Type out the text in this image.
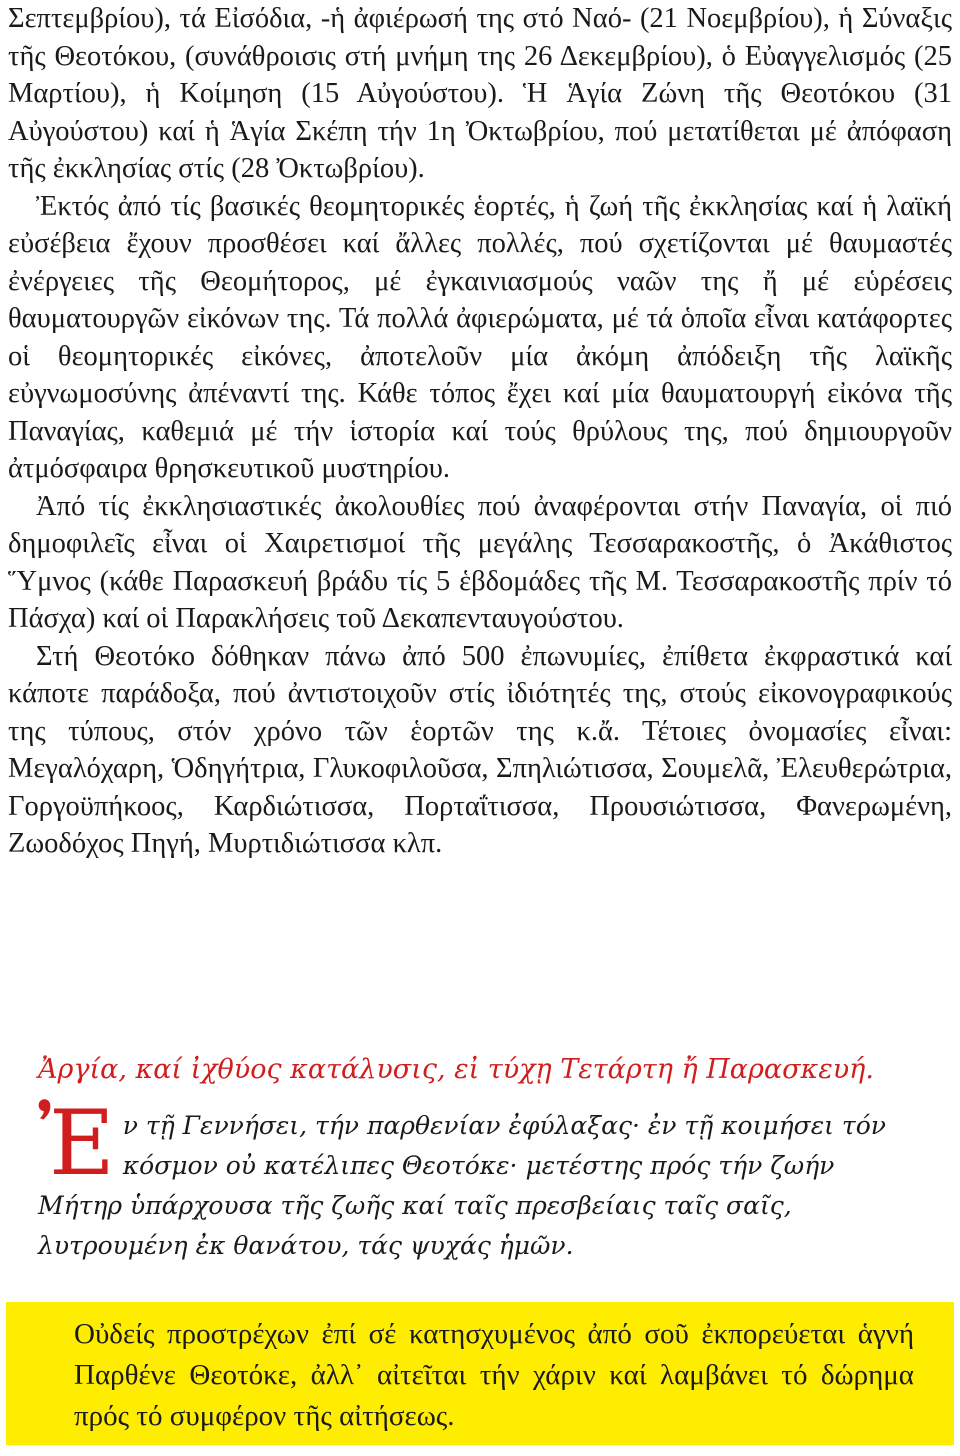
Σεπτεμβρίου), τά Εἰσόδια, -ἡ ἀφιέρωσή της στό Ναό- (21 Νοεμβρίου), ἡ Σύναξις τῆς Θεοτόκου, (συνάθροισις στή μνήμη της 26 Δεκεμβρίου), ὁ Εὐαγγελισμός (25 Μαρτίου), ἡ Κοίμηση (15 Αὐγούστου). Ἡ Ἁγία Ζώνη τῆς Θεοτόκου (31 Αὐγούστου) καί ἡ Ἁγία Σκέπη τήν 1η Ὀκτωβρίου, πού μετατίθεται μέ ἀπόφαση τῆς ἐκκλησίας στίς (28 Ὀκτωβρίου).

Ἐκτός ἀπό τίς βασικές θεομητορικές ἑορτές, ἡ ζωή τῆς ἐκκλησίας καί ἡ λαϊκή εὐσέβεια ἔχουν προσθέσει καί ἄλλες πολλές, πού σχετίζονται μέ θαυμαστές ἐνέργειες τῆς Θεομήτορος, μέ ἐγκαινιασμούς ναῶν της ἤ μέ εὑρέσεις θαυματουργῶν εἰκόνων της. Τά πολλά ἀφιερώματα, μέ τά ὁποῖα εἶναι κατάφορτες οἱ θεομητορικές εἰκόνες, ἀποτελοῦν μία ἀκόμη ἀπόδειξη τῆς λαϊκῆς εὐγνωμοσύνης ἀπέναντί της. Κάθε τόπος ἔχει καί μία θαυματουργή εἰκόνα τῆς Παναγίας, καθεμιά μέ τήν ἱστορία καί τούς θρύλους της, πού δημιουργοῦν ἀτμόσφαιρα θρησκευτικοῦ μυστηρίου.

Ἀπό τίς ἐκκλησιαστικές ἀκολουθίες πού ἀναφέρονται στήν Παναγία, οἱ πιό δημοφιλεῖς εἶναι οἱ Χαιρετισμοί τῆς μεγάλης Τεσσαρακοστῆς, ὁ Ἀκάθιστος Ὕμνος (κάθε Παρασκευή βράδυ τίς 5 ἑβδομάδες τῆς Μ. Τεσσαρακοστῆς πρίν τό Πάσχα) καί οἱ Παρακλήσεις τοῦ Δεκαπενταυγούστου.

Στή Θεοτόκο δόθηκαν πάνω ἀπό 500 ἐπωνυμίες, ἐπίθετα ἐκφραστικά καί κάποτε παράδοξα, πού ἀντιστοιχοῦν στίς ἰδιότητές της, στούς εἰκονογραφικούς της τύπους, στόν χρόνο τῶν ἑορτῶν της κ.ἄ. Τέτοιες ὀνομασίες εἶναι: Μεγαλόχαρη, Ὁδηγήτρια, Γλυκοφιλοῦσα, Σπηλιώτισσα, Σουμελᾶ, Ἐλευθερώτρια, Γοργοϋπήκοος, Καρδιώτισσα, Πορταΐτισσα, Προυσιώτισσα, Φανερωμένη, Ζωοδόχος Πηγή, Μυρτιδιώτισσα κλπ.

Ἀργία, καί ἰχθύος κατάλυσις, εἰ τύχῃ Τετάρτη ἤ Παρασκευή.
Ἐ ν τῇ Γεννήσει, τήν παρθενίαν ἐφύλαξας· ἐν τῇ κοιμήσει τόν
κόσμον οὐ κατέλιπες Θεοτόκε· μετέστης πρός τήν ζωήν
Μήτηρ ὑπάρχουσα τῆς ζωῆς καί ταῖς πρεσβείαις ταῖς σαῖς,
λυτρουμένη ἐκ θανάτου, τάς ψυχάς ἡμῶν.
Οὐδείς προστρέχων ἐπί σέ κατησχυμένος ἀπό σοῦ ἐκπορεύεται ἁγνή Παρθένε Θεοτόκε, ἀλλ᾿ αἰτεῖται τήν χάριν καί λαμβάνει τό δώρημα πρός τό συμφέρον τῆς αἰτήσεως.
